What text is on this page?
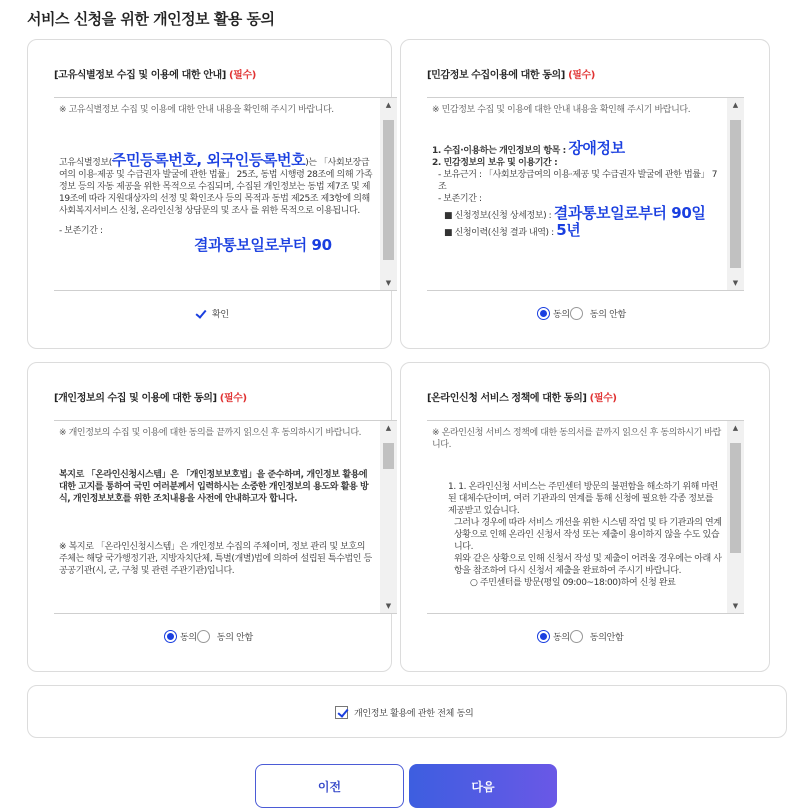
서비스 신청을 위한 개인정보 활용 동의
[고유식별정보 수집 및 이용에 대한 안내] (필수)

※ 고유식별정보 수집 및 이용에 대한 안내 내용을 확인해 주시기 바랍니다.

고유식별정보(주민등록번호, 외국인등록번호)는 「사회보장급여의 이용·제공 및 수급권자 발굴에 관한 법률」 25조, 동법 시행령 28조에 의해 가족정보 등의 자동 제공을 위한 목적으로 수집되며, 수집된 개인정보는 동법 제7조 및 제19조에 따라 지원대상자의 선정 및 확인조사 등의 목적과 동법 제25조 제3항에 의해 사회복지서비스 신청, 온라인신청 상담문의 및 조사 를 위한 목적으로 이용됩니다.

- 보존기간 :

결과통보일로부터 90

▲
▼
확인
[민감정보 수집이용에 대한 동의] (필수)

※ 민감정보 수집 및 이용에 대한 안내 내용을 확인해 주시기 바랍니다.

1. 수집·이용하는 개인정보의 항목 : 장애정보

2. 민감정보의 보유 및 이용기간 :

- 보유근거 : 「사회보장급여의 이용·제공 및 수급권자 발굴에 관한 법률」 7조

- 보존기간 :

■ 신청정보(신청 상세정보) : 결과통보일로부터 90일

■ 신청이력(신청 결과 내역) : 5년

▲
▼
동의 동의 안함
[개인정보의 수집 및 이용에 대한 동의] (필수)

※ 개인정보의 수집 및 이용에 대한 동의를 끝까지 읽으신 후 동의하시기 바랍니다.

복지로 「온라인신청시스템」은 「개인정보보호법」을 준수하며, 개인정보 활용에 대한 고지를 통하여 국민 여러분께서 입력하시는 소중한 개인정보의 용도와 활용 방식, 개인정보보호를 위한 조치내용을 사전에 안내하고자 합니다.

※ 복지로 「온라인신청시스템」은 개인정보 수집의 주체이며, 정보 관리 및 보호의 주체는 해당 국가행정기관, 지방자치단체, 특별(개별)법에 의하여 설립된 특수법인 등 공공기관(시, 군, 구청 및 관련 주관기관)입니다.

▲
▼
동의 동의 안함
[온라인신청 서비스 정책에 대한 동의] (필수)

※ 온라인신청 서비스 정책에 대한 동의서를 끝까지 읽으신 후 동의하시기 바랍니다.

1. 1. 온라인신청 서비스는 주민센터 방문의 불편함을 해소하기 위해 마련된 대체수단이며, 여러 기관과의 연계를 통해 신청에 필요한 각종 정보를 제공받고 있습니다.

그러나 경우에 따라 서비스 개선을 위한 시스템 작업 및 타 기관과의 연계 상황으로 인해 온라인 신청서 작성 또는 제출이 용이하지 않을 수도 있습니다.

위와 같은 상황으로 인해 신청서 작성 및 제출이 어려울 경우에는 아래 사항을 참조하여 다시 신청서 제출을 완료하여 주시기 바랍니다.

○ 주민센터를 방문(평일 09:00~18:00)하여 신청 완료

▲
▼
동의 동의안함
개인정보 활용에 관한 전체 동의
이전	다음
